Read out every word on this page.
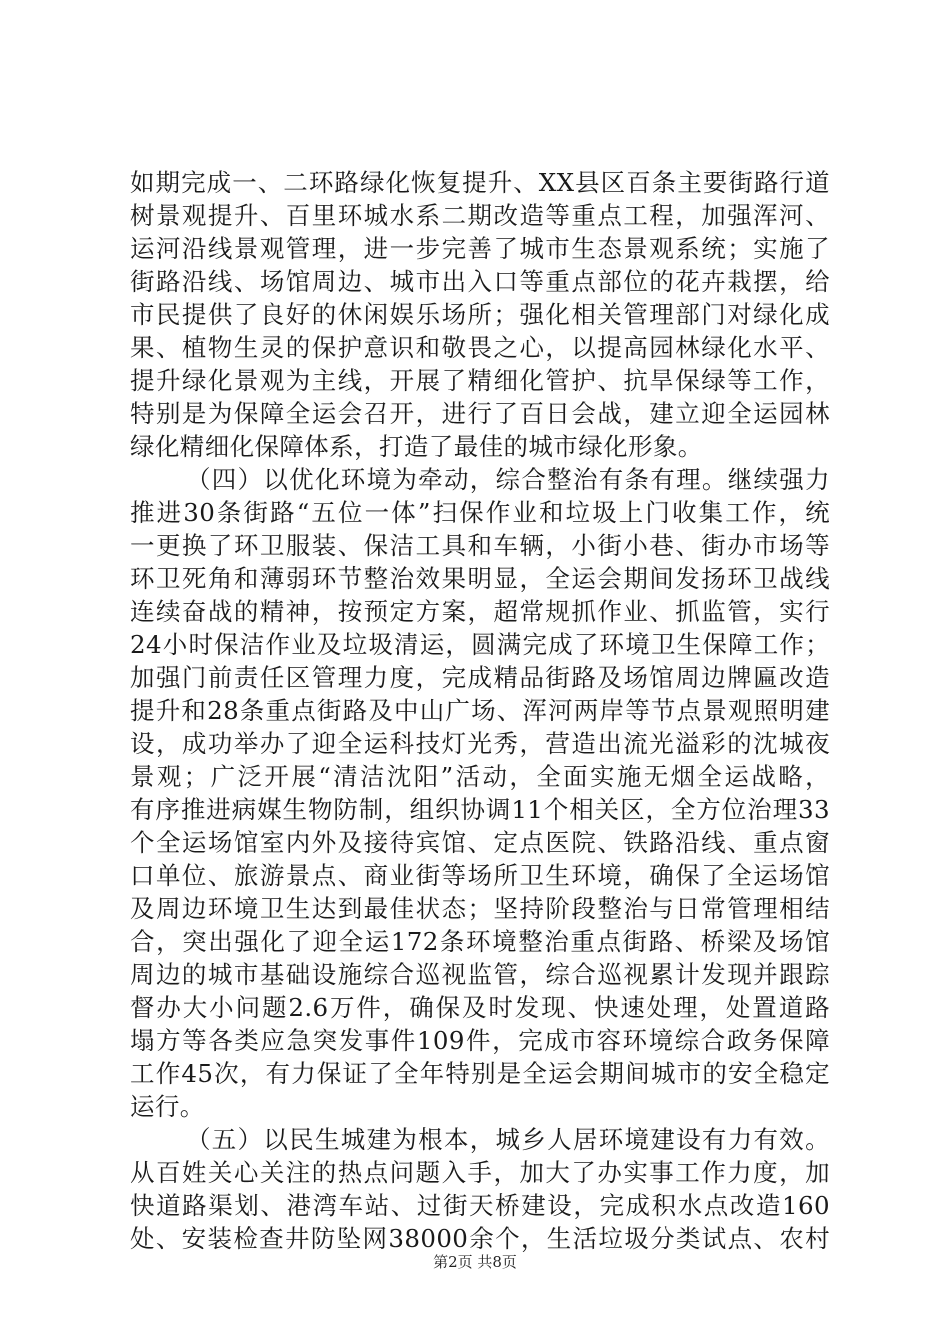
如期完成一、二环路绿化恢复提升、XX县区百条主要街路行道
树景观提升、百里环城水系二期改造等重点工程，加强浑河、
运河沿线景观管理，进一步完善了城市生态景观系统；实施了
街路沿线、场馆周边、城市出入口等重点部位的花卉栽摆，给
市民提供了良好的休闲娱乐场所；强化相关管理部门对绿化成
果、植物生灵的保护意识和敬畏之心，以提高园林绿化水平、
提升绿化景观为主线，开展了精细化管护、抗旱保绿等工作，
特别是为保障全运会召开，进行了百日会战，建立迎全运园林
绿化精细化保障体系，打造了最佳的城市绿化形象。
（四）以优化环境为牵动，综合整治有条有理。继续强力
推进30条街路“五位一体”扫保作业和垃圾上门收集工作，统
一更换了环卫服装、保洁工具和车辆，小街小巷、街办市场等
环卫死角和薄弱环节整治效果明显，全运会期间发扬环卫战线
连续奋战的精神，按预定方案，超常规抓作业、抓监管，实行
24小时保洁作业及垃圾清运，圆满完成了环境卫生保障工作；
加强门前责任区管理力度，完成精品街路及场馆周边牌匾改造
提升和28条重点街路及中山广场、浑河两岸等节点景观照明建
设，成功举办了迎全运科技灯光秀，营造出流光溢彩的沈城夜
景观；广泛开展“清洁沈阳”活动，全面实施无烟全运战略，
有序推进病媒生物防制，组织协调11个相关区，全方位治理33
个全运场馆室内外及接待宾馆、定点医院、铁路沿线、重点窗
口单位、旅游景点、商业街等场所卫生环境，确保了全运场馆
及周边环境卫生达到最佳状态；坚持阶段整治与日常管理相结
合，突出强化了迎全运172条环境整治重点街路、桥梁及场馆
周边的城市基础设施综合巡视监管，综合巡视累计发现并跟踪
督办大小问题2.6万件，确保及时发现、快速处理，处置道路
塌方等各类应急突发事件109件，完成市容环境综合政务保障
工作45次，有力保证了全年特别是全运会期间城市的安全稳定
运行。
（五）以民生城建为根本，城乡人居环境建设有力有效。
从百姓关心关注的热点问题入手，加大了办实事工作力度，加
快道路渠划、港湾车站、过街天桥建设，完成积水点改造160
处、安装检查井防坠网38000余个，生活垃圾分类试点、农村
第2页 共8页
